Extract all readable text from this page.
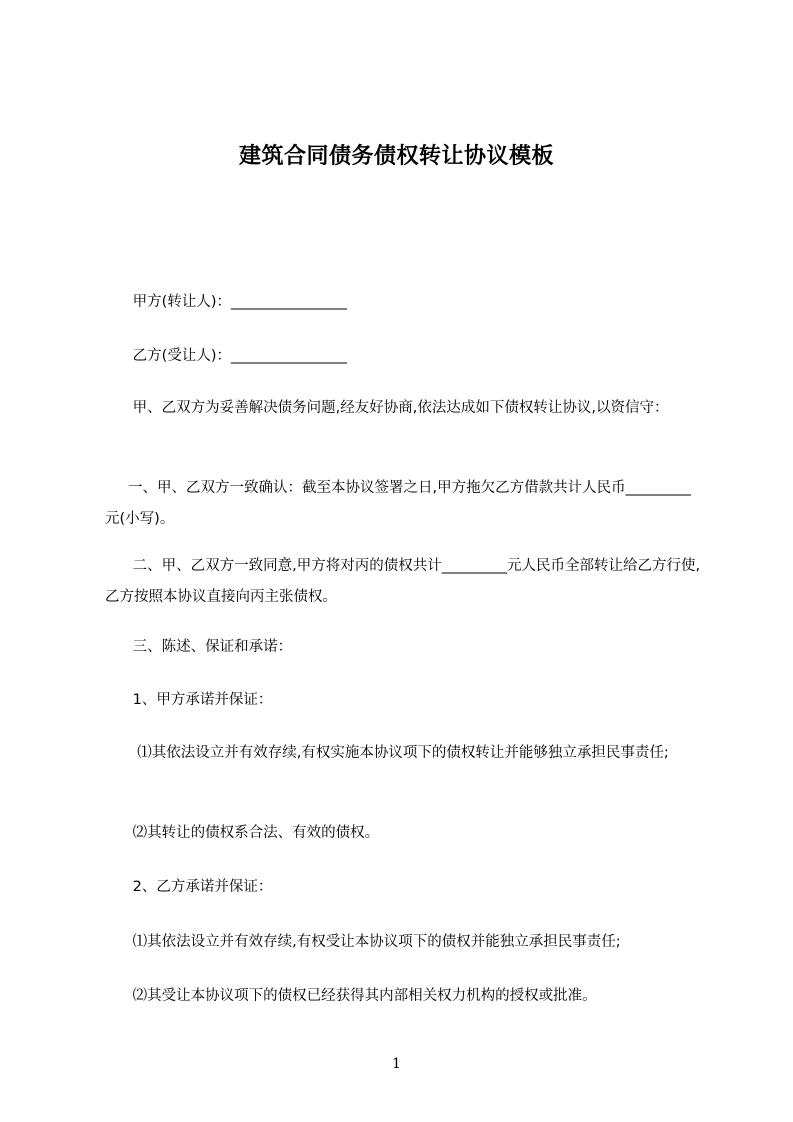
建筑合同债务债权转让协议模板
甲方(转让人)：________________
乙方(受让人)：________________
甲、乙双方为妥善解决债务问题,经友好协商,依法达成如下债权转让协议,以资信守：
一、甲、乙双方一致确认：截至本协议签署之日,甲方拖欠乙方借款共计人民币_________元(小写)。
二、甲、乙双方一致同意,甲方将对丙的债权共计_________元人民币全部转让给乙方行使,乙方按照本协议直接向丙主张债权。
三、陈述、保证和承诺：
1、甲方承诺并保证：
⑴其依法设立并有效存续,有权实施本协议项下的债权转让并能够独立承担民事责任;
⑵其转让的债权系合法、有效的债权。
2、乙方承诺并保证：
⑴其依法设立并有效存续,有权受让本协议项下的债权并能独立承担民事责任;
⑵其受让本协议项下的债权已经获得其内部相关权力机构的授权或批准。
1
